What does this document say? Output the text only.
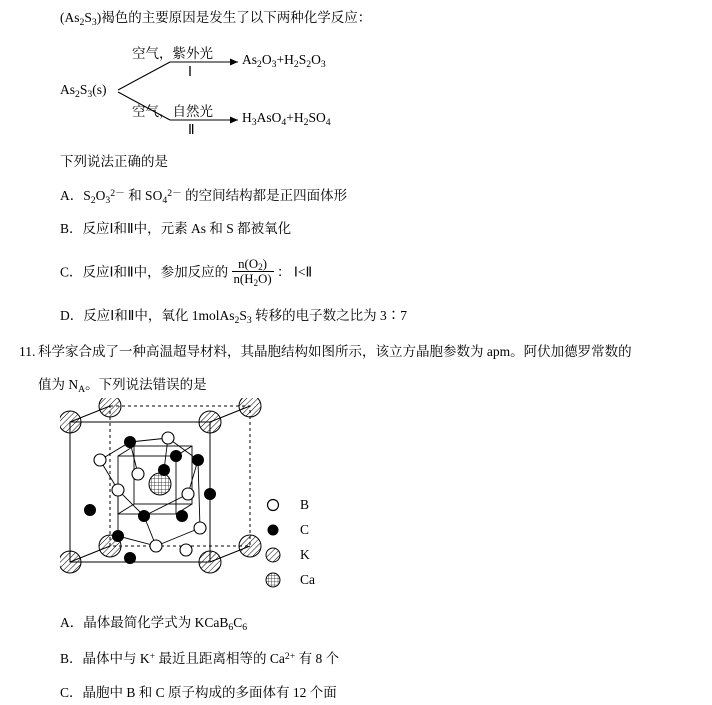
$(As_2S_3)$褐色的主要原因是发生了以下两种化学反应：
$As_2S_3(s)$
空气，紫外光
Ⅰ
$As_2O_3+H_2S_2O_3$
空气，自然光
Ⅱ
$H_3AsO_4+H_2SO_4$
下列说法正确的是
A．$S_2O_3^{2-}$ 和 $SO_4^{2-}$ 的空间结构都是正四面体形
B．反应Ⅰ和Ⅱ中，元素 As 和 S 都被氧化
C．反应Ⅰ和Ⅱ中，参加反应的 $\frac{n(O_2)}{n(H_2O)}$ ： Ⅰ<Ⅱ
D．反应Ⅰ和Ⅱ中，氧化 $1molAs_2S_3$ 转移的电子数之比为 3∶7
11. 科学家合成了一种高温超导材料，其晶胞结构如图所示，该立方晶胞参数为 apm。阿伏加德罗常数的
值为 $N_A$。下列说法错误的是
B
C
K
Ca
A．晶体最简化学式为 $KCaB_6C_6$
B．晶体中与 K+ 最近且距离相等的 $Ca^{2+}$ 有 8 个
C．晶胞中 B 和 C 原子构成的多面体有 12 个面
